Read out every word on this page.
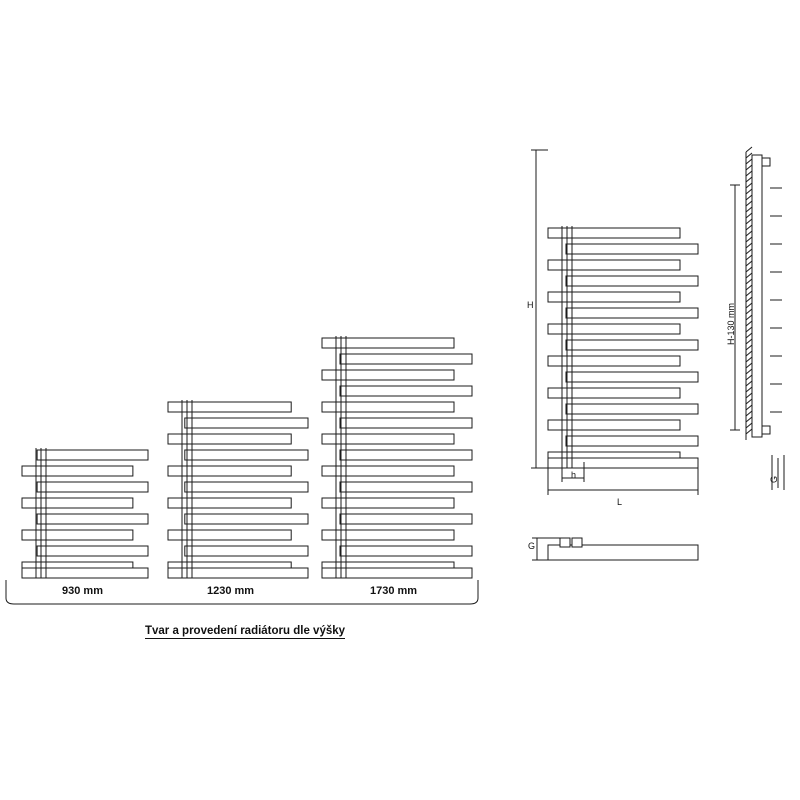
930 mm	1230 mm	1730 mm
Tvar a provedení radiátoru dle výšky
H
L
h
G
H-130 mm
G
